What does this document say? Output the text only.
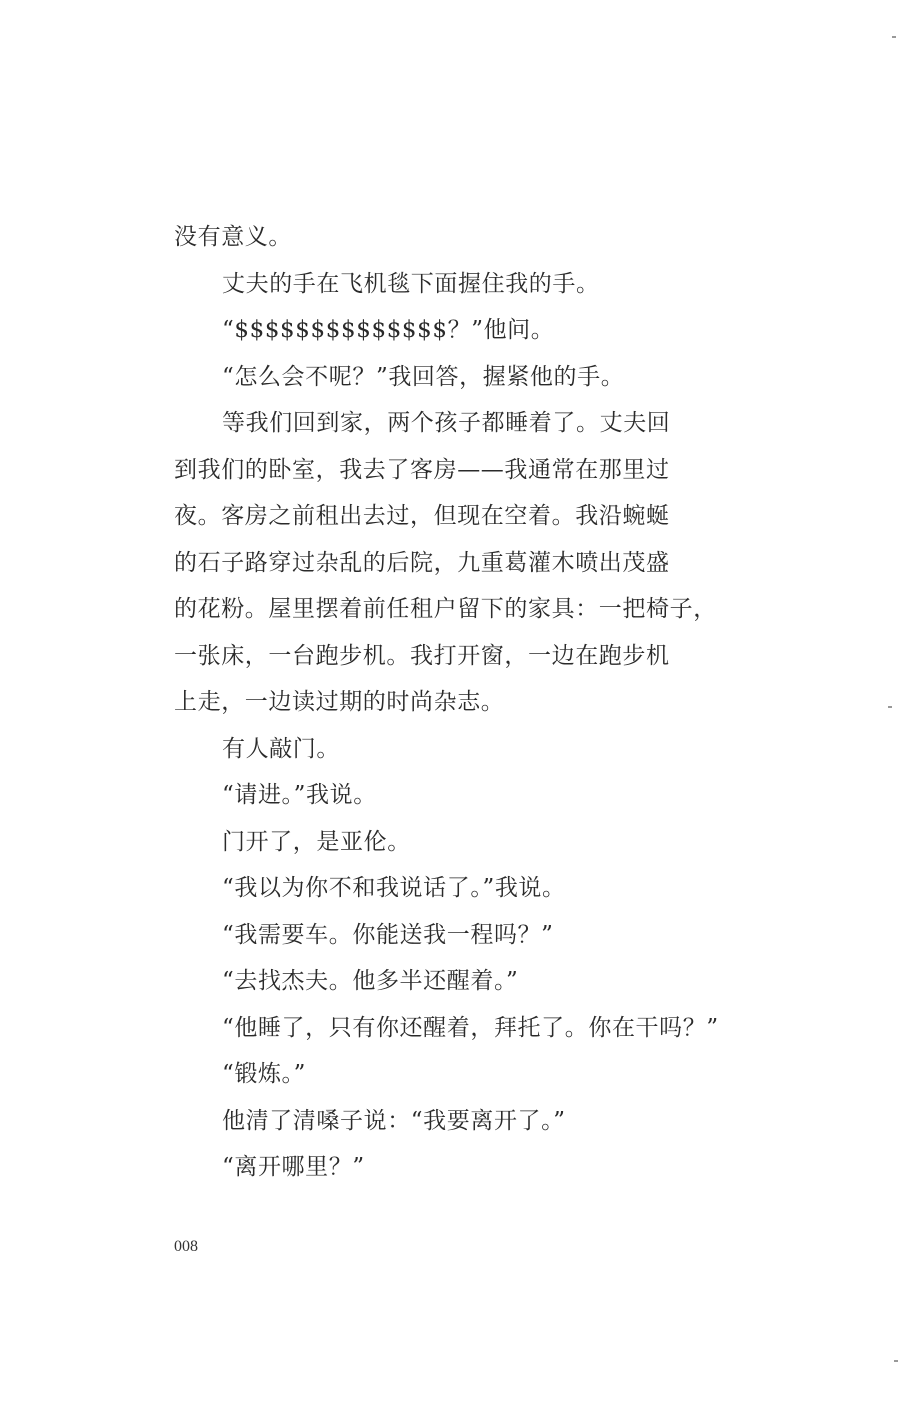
没有意义。
丈夫的手在飞机毯下面握住我的手。
“$$$$$$$$$$$$$$？”他问。
“怎么会不呢？”我回答，握紧他的手。
等我们回到家，两个孩子都睡着了。丈夫回
到我们的卧室，我去了客房——我通常在那里过
夜。客房之前租出去过，但现在空着。我沿蜿蜒
的石子路穿过杂乱的后院，九重葛灌木喷出茂盛
的花粉。屋里摆着前任租户留下的家具：一把椅子，
一张床，一台跑步机。我打开窗，一边在跑步机
上走，一边读过期的时尚杂志。
有人敲门。
“请进。”我说。
门开了，是亚伦。
“我以为你不和我说话了。”我说。
“我需要车。你能送我一程吗？”
“去找杰夫。他多半还醒着。”
“他睡了，只有你还醒着，拜托了。你在干吗？”
“锻炼。”
他清了清嗓子说：“我要离开了。”
“离开哪里？”
008
